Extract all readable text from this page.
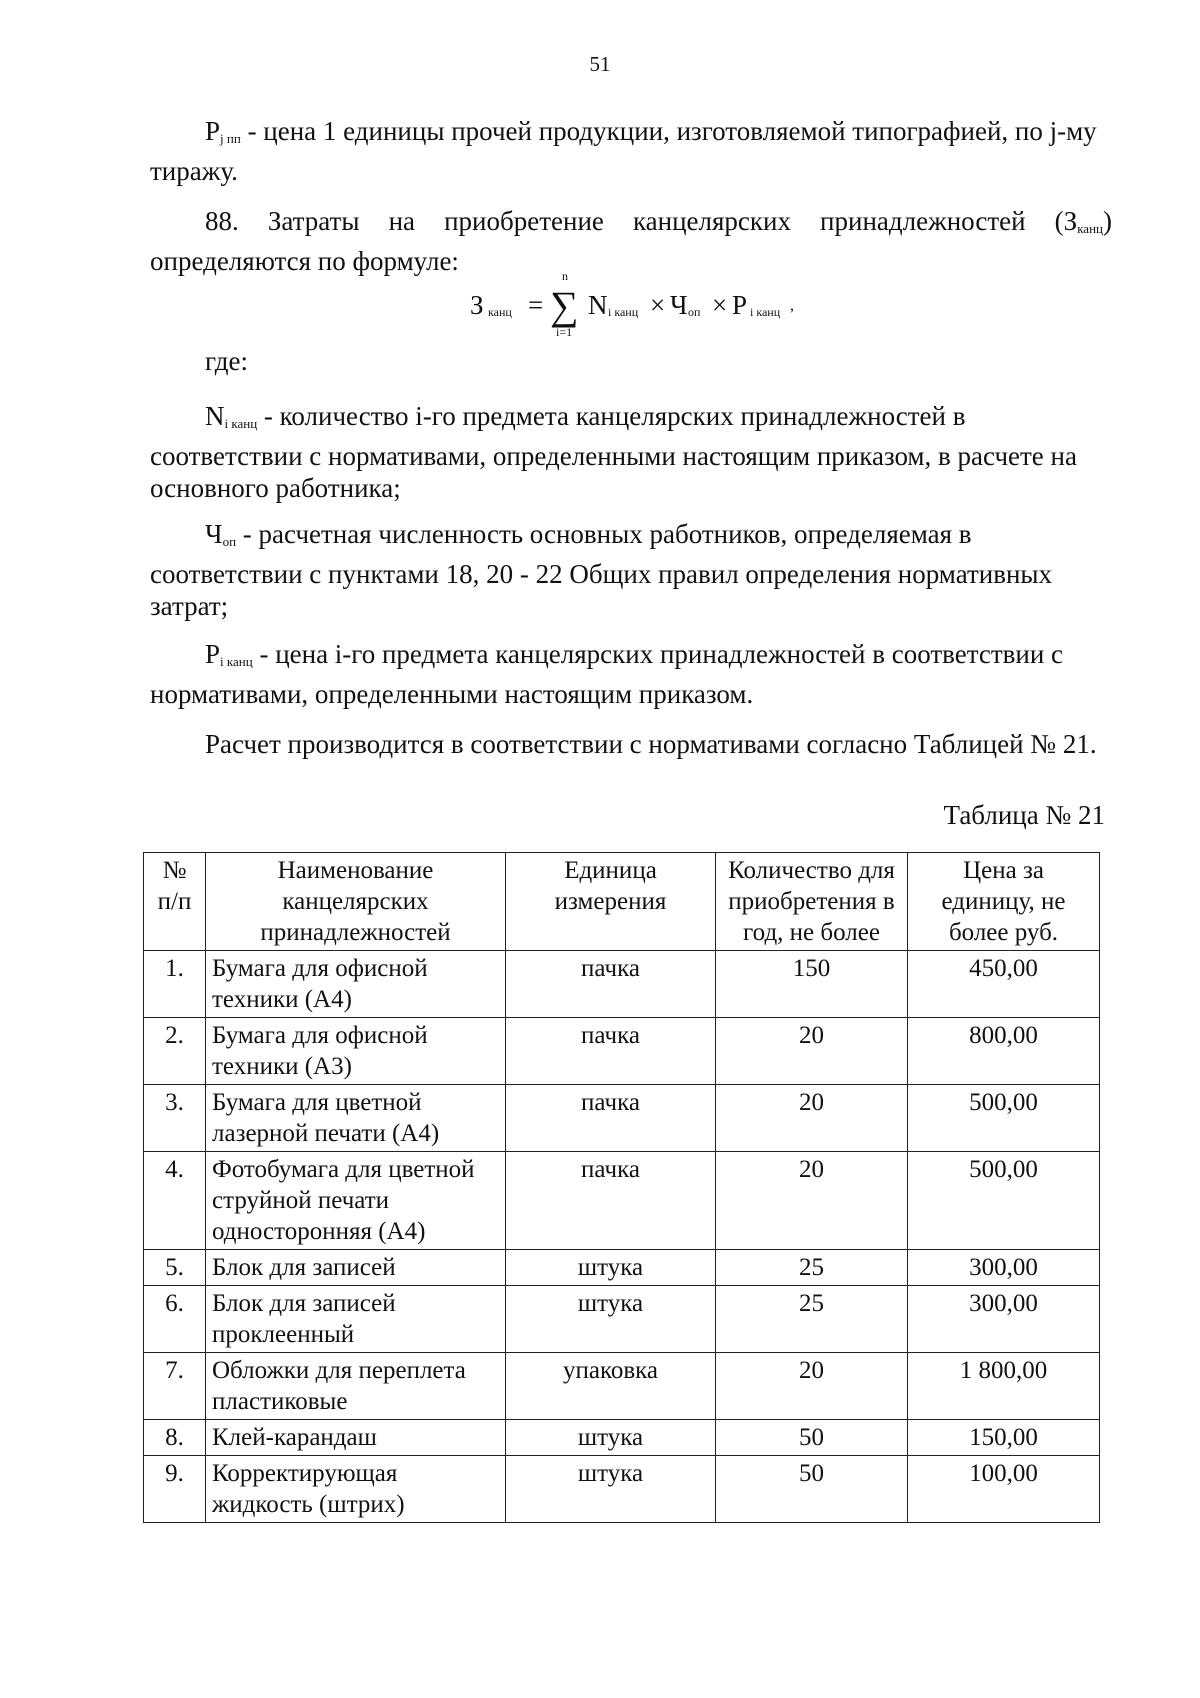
51
$P_{j пп}$ - цена 1 единицы прочей продукции, изготовляемой типографией, по j-му тиражу.
88. Затраты на приобретение канцелярских принадлежностей $(З_{канц})$
определяются по формуле:
З канц = ∑
n
i=1
N i канц × Ч оп × P i канц ,
где:
$N_{i канц}$ - количество i-го предмета канцелярских принадлежностей в соответствии с нормативами, определенными настоящим приказом, в расчете на основного работника;
$Ч_{оп}$ - расчетная численность основных работников, определяемая в соответствии с пунктами 18, 20 - 22 Общих правил определения нормативных затрат;
$P_{i канц}$ - цена i-го предмета канцелярских принадлежностей в соответствии с нормативами, определенными настоящим приказом.
Расчет производится в соответствии с нормативами согласно Таблицей № 21.
Таблица № 21
№ п/п	Наименование канцелярских принадлежностей	Единица измерения	Количество для приобретения в год, не более	Цена за единицу, не более руб.
1.	Бумага для офисной техники (А4)	пачка	150	450,00
2.	Бумага для офисной техники (А3)	пачка	20	800,00
3.	Бумага для цветной лазерной печати (А4)	пачка	20	500,00
4.	Фотобумага для цветной струйной печати односторонняя (А4)	пачка	20	500,00
5.	Блок для записей	штука	25	300,00
6.	Блок для записей проклеенный	штука	25	300,00
7.	Обложки для переплета пластиковые	упаковка	20	1 800,00
8.	Клей-карандаш	штука	50	150,00
9.	Корректирующая жидкость (штрих)	штука	50	100,00
